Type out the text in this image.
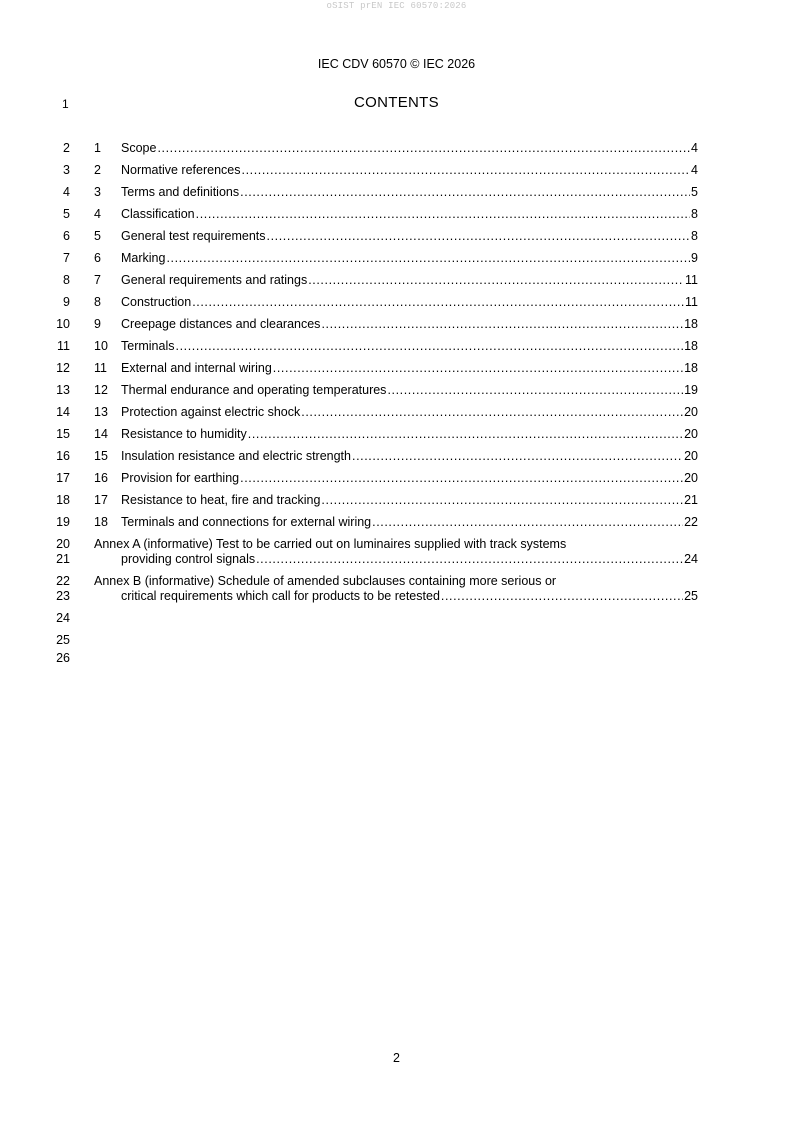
oSIST prEN IEC 60570:2026
IEC CDV 60570 © IEC 2026
1	CONTENTS
2 1 Scope .....	4
3 2 Normative references .....	4
4 3 Terms and definitions .....	5
5 4 Classification .....	8
6 5 General test requirements .....	8
7 6 Marking .....	9
8 7 General requirements and ratings .....	11
9 8 Construction .....	11
10 9 Creepage distances and clearances .....	18
11 10 Terminals .....	18
12 11 External and internal wiring .....	18
13 12 Thermal endurance and operating temperatures .....	19
14 13 Protection against electric shock .....	20
15 14 Resistance to humidity .....	20
16 15 Insulation resistance and electric strength .....	20
17 16 Provision for earthing .....	20
18 17 Resistance to heat, fire and tracking .....	21
19 18 Terminals and connections for external wiring .....	22
20 Annex A (informative) Test to be carried out on luminaires supplied with track systems
21	providing control signals .....	24
22 Annex B (informative) Schedule of amended subclauses containing more serious or
23	critical requirements which call for products to be retested .....	25
24
25
26
2
